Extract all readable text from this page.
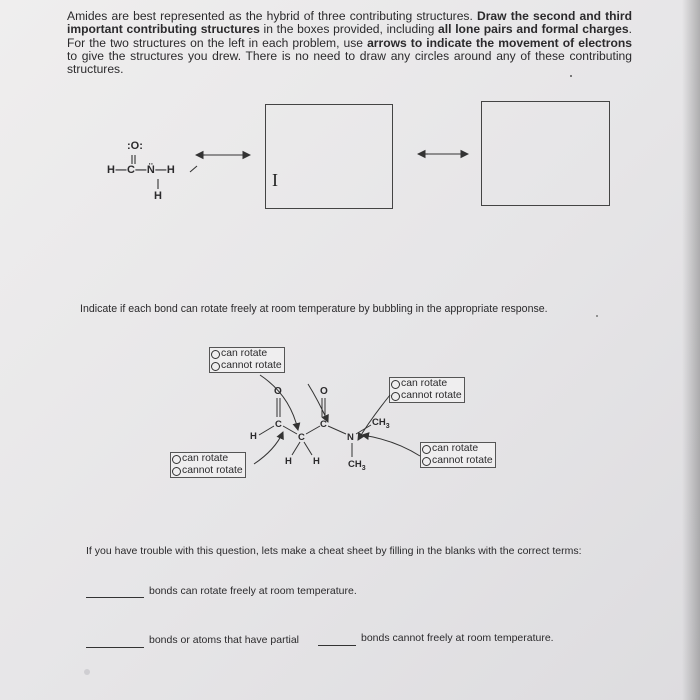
Amides are best represented as the hybrid of three contributing structures. Draw the second and third important contributing structures in the boxes provided, including all lone pairs and formal charges. For the two structures on the left in each problem, use arrows to indicate the movement of electrons to give the structures you drew. There is no need to draw any circles around any of these contributing structures.

:O:
H—C—N̈—H
H
I
Indicate if each bond can rotate freely at room temperature by bubbling in the appropriate response.
can rotate
cannot rotate
can rotate
cannot rotate
can rotate
cannot rotate
can rotate
cannot rotate
O	O
C
C
C
H
H H
N
$CH_3$
$CH_3$
If you have trouble with this question, lets make a cheat sheet by filling in the blanks with the correct terms:
bonds can rotate freely at room temperature.
bonds or atoms that have partial	bonds cannot freely at room temperature.
